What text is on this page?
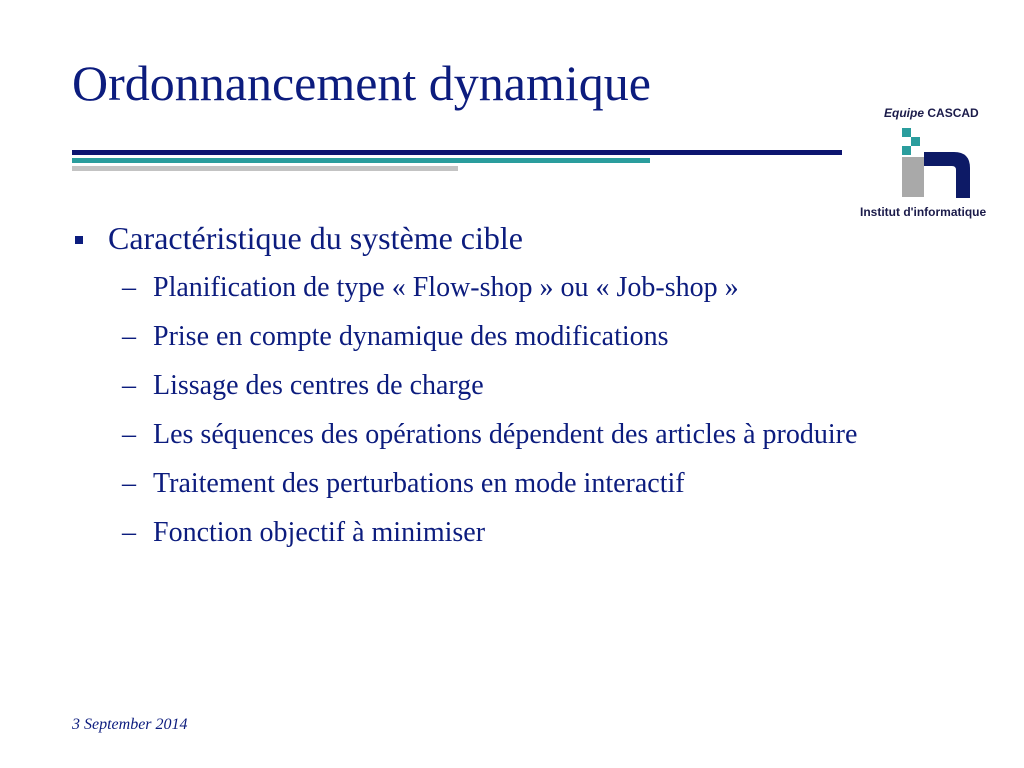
Ordonnancement dynamique
Equipe CASCAD
Institut d'informatique
Caractéristique du système cible
– Planification de type « Flow-shop » ou « Job-shop »
– Prise en compte dynamique des modifications
– Lissage des centres de charge
– Les séquences des opérations dépendent des articles à produire
– Traitement des perturbations en mode interactif
– Fonction objectif à minimiser
3 September 2014
